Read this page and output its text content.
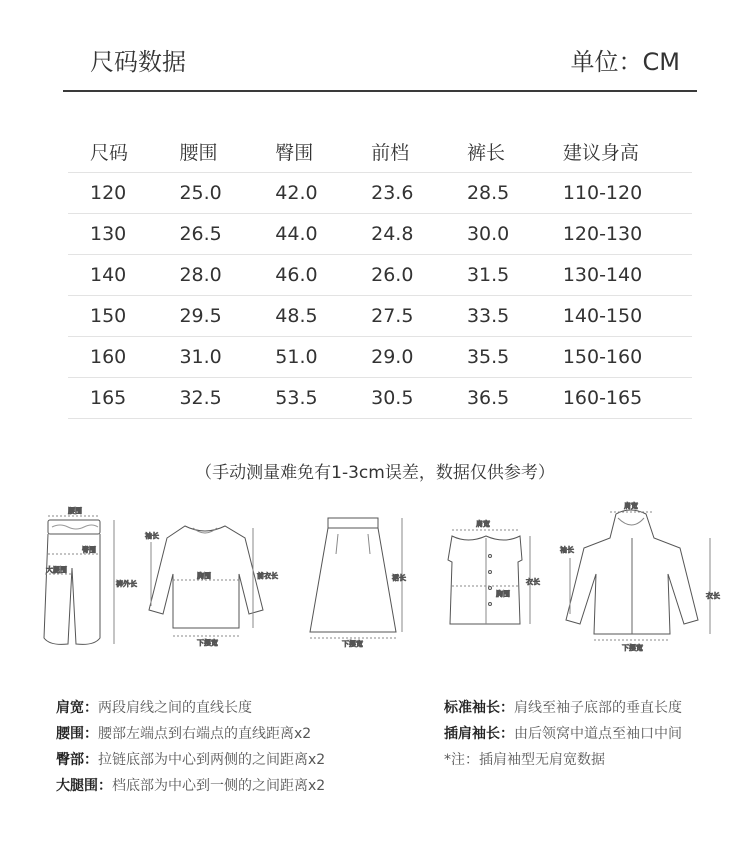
尺码数据	单位：CM
尺码	腰围	臀围	前档	裤长	建议身高
120	25.0	42.0	23.6	28.5	110-120
130	26.5	44.0	24.8	30.0	120-130
140	28.0	46.0	26.0	31.5	130-140
150	29.5	48.5	27.5	33.5	140-150
160	31.0	51.0	29.0	35.5	150-160
165	32.5	53.5	30.5	36.5	160-165
（手动测量难免有1-3cm误差，数据仅供参考）
腰围
臀围
大腿围
裤外长
袖长
胸围	前衣长
下摆宽
裙长
下摆宽
肩宽
胸围
衣长
肩宽
袖长
衣长
下摆宽
肩宽：两段肩线之间的直线长度
腰围：腰部左端点到右端点的直线距离x2
臀部：拉链底部为中心到两侧的之间距离x2
大腿围：档底部为中心到一侧的之间距离x2
标准袖长：肩线至袖子底部的垂直长度
插肩袖长：由后领窝中道点至袖口中间
*注：插肩袖型无肩宽数据
